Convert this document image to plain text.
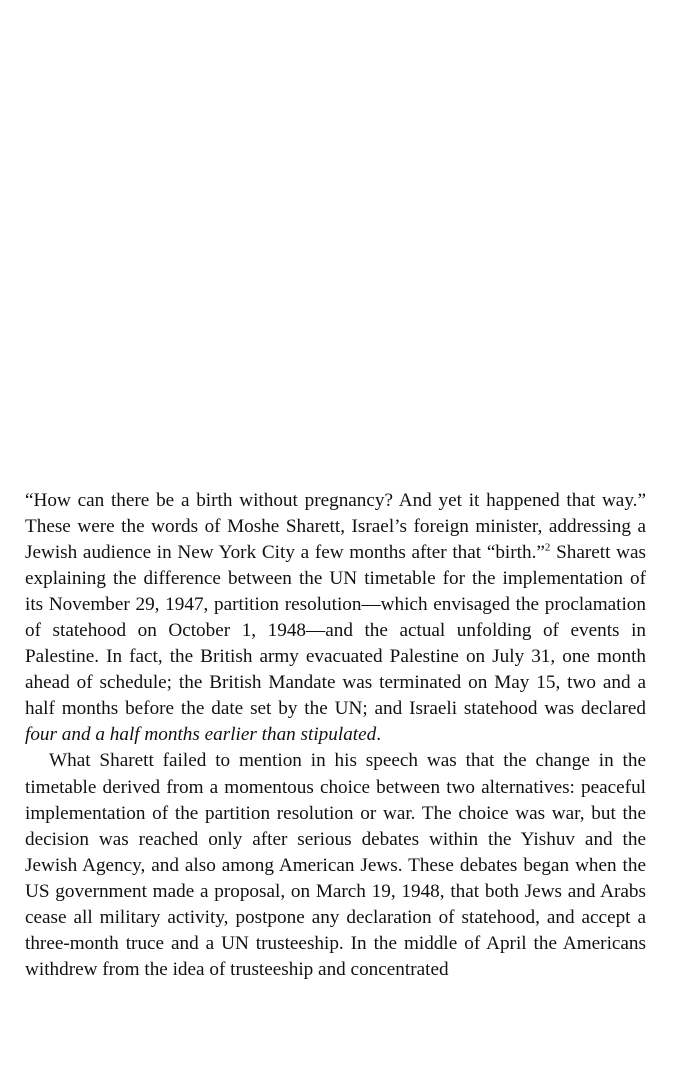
“How can there be a birth without pregnancy? And yet it happened that way.” These were the words of Moshe Sharett, Israel’s foreign minister, addressing a Jewish audience in New York City a few months after that “birth.”$^2$ Sharett was explaining the difference between the UN timetable for the implementation of its November 29, 1947, partition resolution—which envisaged the proclamation of statehood on October 1, 1948—and the actual unfolding of events in Palestine. In fact, the British army evacuated Palestine on July 31, one month ahead of schedule; the British Mandate was terminated on May 15, two and a half months before the date set by the UN; and Israeli statehood was declared four and a half months earlier than stipulated.

What Sharett failed to mention in his speech was that the change in the timetable derived from a momentous choice between two alternatives: peaceful implementation of the partition resolution or war. The choice was war, but the decision was reached only after serious debates within the Yishuv and the Jewish Agency, and also among American Jews. These debates began when the US government made a proposal, on March 19, 1948, that both Jews and Arabs cease all military activity, postpone any declaration of statehood, and accept a three-month truce and a UN trusteeship. In the middle of April the Americans withdrew from the idea of trusteeship and concentrated
